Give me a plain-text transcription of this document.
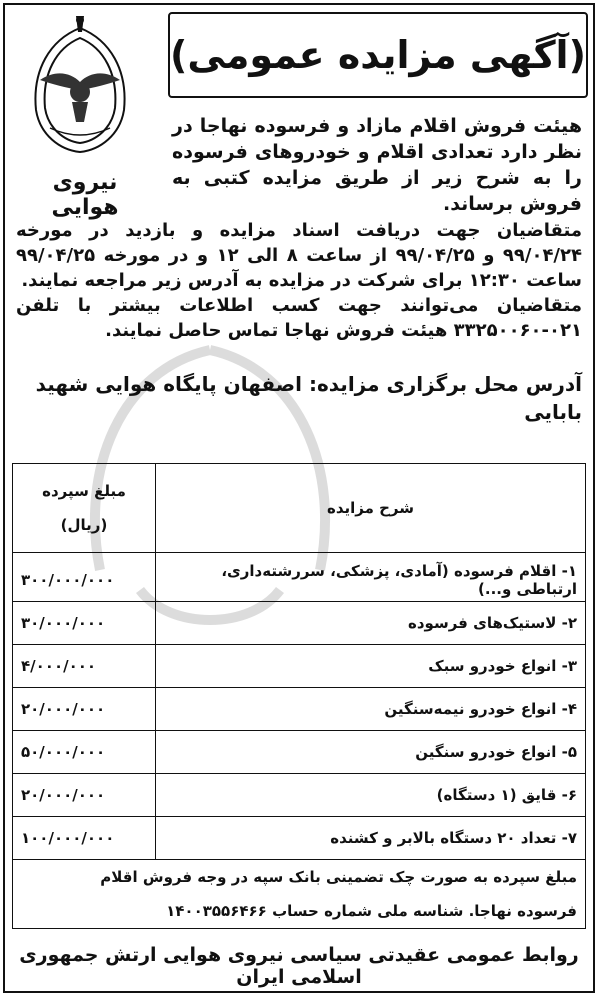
(آگهی مزایده عمومی)
نیروی هوایی
هیئت فروش اقلام مازاد و فرسوده نهاجا در نظر دارد تعدادی اقلام و خودروهای فرسوده را به شرح زیر از طریق مزایده کتبی به فروش برساند.
متقاضیان جهت دریافت اسناد مزایده و بازدید در مورخه ۹۹/۰۴/۲۴ و ۹۹/۰۴/۲۵ از ساعت ۸ الی ۱۲ و در مورخه ۹۹/۰۴/۲۵ ساعت ۱۲:۳۰ برای شرکت در مزایده به آدرس زیر مراجعه نمایند.
متقاضیان می‌توانند جهت کسب اطلاعات بیشتر با تلفن ۰۲۱-۳۳۲۵۰۰۶۰ هیئت فروش نهاجا تماس حاصل نمایند.
آدرس محل برگزاری مزایده: اصفهان پایگاه هوایی شهید بابایی
شرح مزایده	مبلغ سپرده
(ریال)

۱- اقلام فرسوده (آمادی، پزشکی، سررشته‌داری، ارتباطی و...)	۳۰۰/۰۰۰/۰۰۰
۲- لاستیک‌های فرسوده	۳۰/۰۰۰/۰۰۰
۳- انواع خودرو سبک	۴/۰۰۰/۰۰۰
۴- انواع خودرو نیمه‌سنگین	۲۰/۰۰۰/۰۰۰
۵- انواع خودرو سنگین	۵۰/۰۰۰/۰۰۰
۶- قایق (۱ دستگاه)	۲۰/۰۰۰/۰۰۰
۷- تعداد ۲۰ دستگاه بالابر و کشنده	۱۰۰/۰۰۰/۰۰۰

مبلغ سپرده به صورت چک تضمینی بانک سپه در وجه فروش اقلام
فرسوده نهاجا. شناسه ملی شماره حساب ۱۴۰۰۳۵۵۶۴۶۶	
روابط عمومی عقیدتی سیاسی نیروی هوایی ارتش جمهوری اسلامی ایران
